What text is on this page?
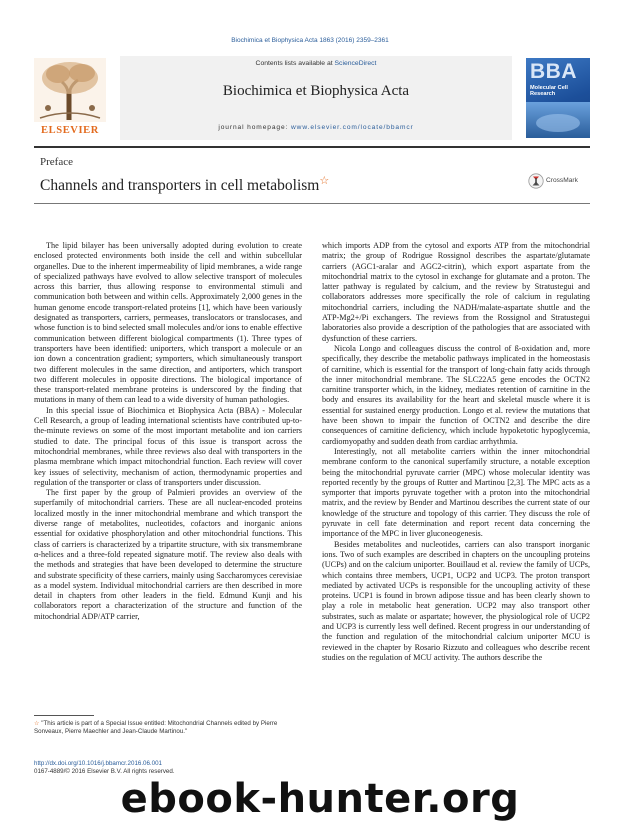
Biochimica et Biophysica Acta 1863 (2016) 2359–2361
ELSEVIER
Contents lists available at ScienceDirect
Biochimica et Biophysica Acta
journal homepage: www.elsevier.com/locate/bbamcr
BBA
Molecular Cell
Research
Preface
Channels and transporters in cell metabolism☆	CrossMark

The lipid bilayer has been universally adopted during evolution to create enclosed protected environments both inside the cell and within subcellular organelles. Due to the inherent impermeability of lipid membranes, a wide range of specialized pathways have evolved to allow selective transport of molecules across this barrier, thus allowing response to environmental stimuli and communication both between and within cells. Approximately 2,000 genes in the human genome encode transport-related proteins [1], which have been variously designated as transporters, carriers, permeases, translocators or translocases, and whose function is to bind selected small molecules and/or ions to enable effective communication between different biological compartments (1). Three types of transporters have been identified: uniporters, which transport a molecule or an ion down a concentration gradient; symporters, which simultaneously transport two different molecules in the same direction, and antiporters, which transport two different molecules in opposite directions. The biological importance of these transport-related membrane proteins is underscored by the finding that mutations in many of them can lead to a wide diversity of human pathologies.

In this special issue of Biochimica et Biophysica Acta (BBA) - Molecular Cell Research, a group of leading international scientists have contributed up-to-the-minute reviews on some of the most important metabolite and ion carriers studied to date. The principal focus of this issue is transport across the mitochondrial membranes, while three reviews also deal with transporters in the plasma membrane which impact mitochondrial function. Each review will cover key issues of selectivity, mechanism of action, thermodynamic properties and regulation of the transporter or class of transporters under discussion.

The first paper by the group of Palmieri provides an overview of the superfamily of mitochondrial carriers. These are all nuclear-encoded proteins localized mostly in the inner mitochondrial membrane and which transport the diverse range of metabolites, nucleotides, cofactors and inorganic anions essential for oxidative phosphorylation and other mitochondrial functions. This class of carriers is characterized by a tripartite structure, with six transmembrane α-helices and a three-fold repeated signature motif. The review also deals with the methods and strategies that have been developed to determine the structure and substrate specificity of these carriers, mainly using Saccharomyces cerevisiae as a model system. Individual mitochondrial carriers are then described in more detail in chapters from other leaders in the field. Edmund Kunji and his collaborators report a characterization of the structure and function of the mitochondrial ADP/ATP carrier,

which imports ADP from the cytosol and exports ATP from the mitochondrial matrix; the group of Rodrigue Rossignol describes the aspartate/glutamate carriers (AGC1-aralar and AGC2-citrin), which export aspartate from the mitochondrial matrix to the cytosol in exchange for glutamate and a proton. The latter pathway is regulated by calcium, and the review by Stratustegui and collaborators addresses more specifically the role of calcium in regulating mitochondrial carriers, including the NADH/malate-aspartate shuttle and the ATP-Mg2+/Pi exchangers. The reviews from the Rossignol and Stratustegui laboratories also provide a description of the pathologies that are associated with dysfunction of these carriers.

Nicola Longo and colleagues discuss the control of ß-oxidation and, more specifically, they describe the metabolic pathways implicated in the homeostasis of carnitine, which is essential for the transport of long-chain fatty acids through the inner mitochondrial membrane. The SLC22A5 gene encodes the OCTN2 carnitine transporter which, in the kidney, mediates retention of carnitine in the body and ensures its availability for the heart and skeletal muscle where it is essential for sustained energy production. Longo et al. review the mutations that have been shown to impair the function of OCTN2 and describe the dire consequences of carnitine deficiency, which include hypoketotic hypoglycemia, cardiomyopathy and sudden death from cardiac arrhythmia.

Interestingly, not all metabolite carriers within the inner mitochondrial membrane conform to the canonical superfamily structure, a notable exception being the mitochondrial pyruvate carrier (MPC) whose molecular identity was reported recently by the groups of Rutter and Martinou [2,3]. The MPC acts as a symporter that imports pyruvate together with a proton into the mitochondrial matrix, and the review by Bender and Martinou describes the current state of our knowledge of the structure and topology of this carrier. They discuss the role of pyruvate in cell fate determination and report recent data concerning the importance of the MPC in liver gluconeogenesis.

Besides metabolites and nucleotides, carriers can also transport inorganic ions. Two of such examples are described in chapters on the uncoupling proteins (UCPs) and on the calcium uniporter. Bouillaud et al. review the family of UCPs, which contains three members, UCP1, UCP2 and UCP3. The proton transport mediated by activated UCPs is responsible for the uncoupling activity of these proteins. UCP1 is found in brown adipose tissue and has been clearly shown to play a role in metabolic heat generation. UCP2 may also transport other substrates, such as malate or aspartate; however, the physiological role of UCP2 and UCP3 is currently less well defined. Recent progress in our understanding of the function and regulation of the mitochondrial calcium uniporter MCU is reviewed in the chapter by Rosario Rizzuto and colleagues who describe recent studies on the regulation of MCU activity. The authors describe the

☆ "This article is part of a Special Issue entitled: Mitochondrial Channels edited by Pierre Sonveaux, Pierre Maechler and Jean-Claude Martinou."
http://dx.doi.org/10.1016/j.bbamcr.2016.06.001
0167-4889/© 2016 Elsevier B.V. All rights reserved.
ebook-hunter.org
